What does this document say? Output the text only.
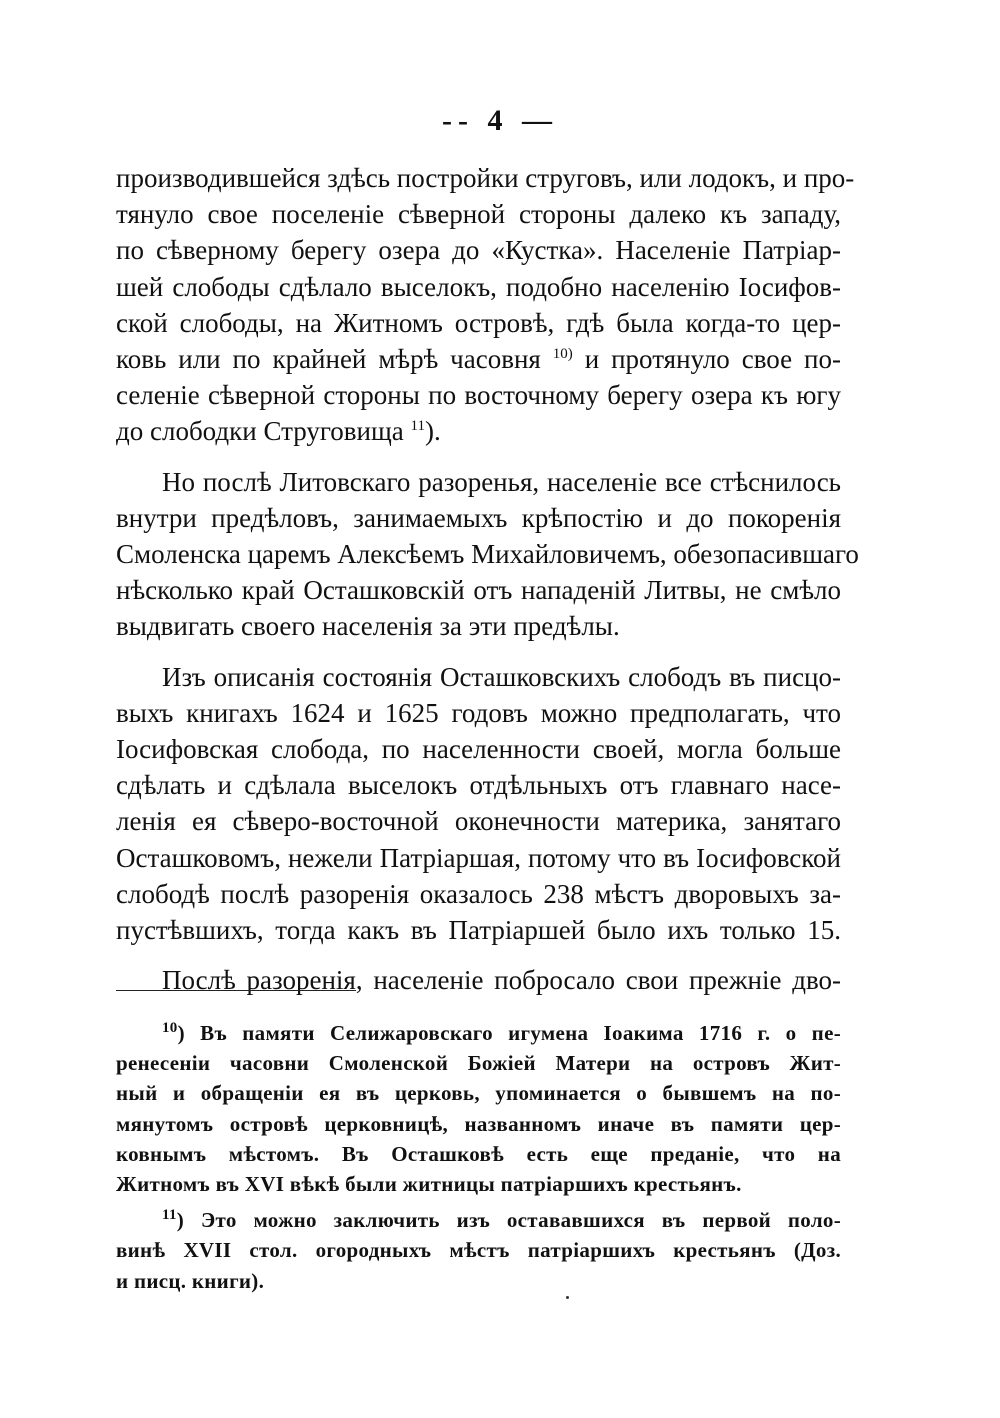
-- 4 —

производившейся здѣсь постройки струговъ, или лодокъ, и про-
тянуло свое поселеніе сѣверной стороны далеко къ западу,
по сѣверному берегу озера до «Кустка». Населеніе Патріар-
шей слободы сдѣлало выселокъ, подобно населенію Іосифов-
ской слободы, на Житномъ островѣ, гдѣ была когда-то цер-
ковь или по крайней мѣрѣ часовня $^{10)}$ и протянуло свое по-
селеніе сѣверной стороны по восточному берегу озера къ югу
до слободки Струговища $^{11}$).

Но послѣ Литовскаго разоренья, населеніе все стѣснилось
внутри предѣловъ, занимаемыхъ крѣпостію и до покоренія
Смоленска царемъ Алексѣемъ Михайловичемъ, обезопасившаго
нѣсколько край Осташковскій отъ нападеній Литвы, не смѣло
выдвигать своего населенія за эти предѣлы.

Изъ описанія состоянія Осташковскихъ слободъ въ писцо-
выхъ книгахъ 1624 и 1625 годовъ можно предполагать, что
Іосифовская слобода, по населенности своей, могла больше
сдѣлать и сдѣлала выселокъ отдѣльныхъ отъ главнаго насе-
ленія ея сѣверо-восточной оконечности материка, занятаго
Осташковомъ, нежели Патріаршая, потому что въ Іосифовской
слободѣ послѣ разоренія оказалось 238 мѣстъ дворовыхъ за-
пустѣвшихъ, тогда какъ въ Патріаршей было ихъ только 15.

Послѣ разоренія, населеніе побросало свои прежніе дво-

$^{10}$) Въ памяти Селижаровскаго игумена Іоакима 1716 г. о пе-
ренесеніи часовни Смоленской Божіей Матери на островъ Жит-
ный и обращеніи ея въ церковь, упоминается о бывшемъ на по-
мянутомъ островѣ церковницѣ, названномъ иначе въ памяти цер-
ковнымъ мѣстомъ. Въ Осташковѣ есть еще преданіе, что на
Житномъ въ XVI вѣкѣ были житницы патріаршихъ крестьянъ.

$^{11}$) Это можно заключить изъ остававшихся въ первой поло-
винѣ XVII стол. огородныхъ мѣстъ патріаршихъ крестьянъ (Доз.
и писц. книги).
